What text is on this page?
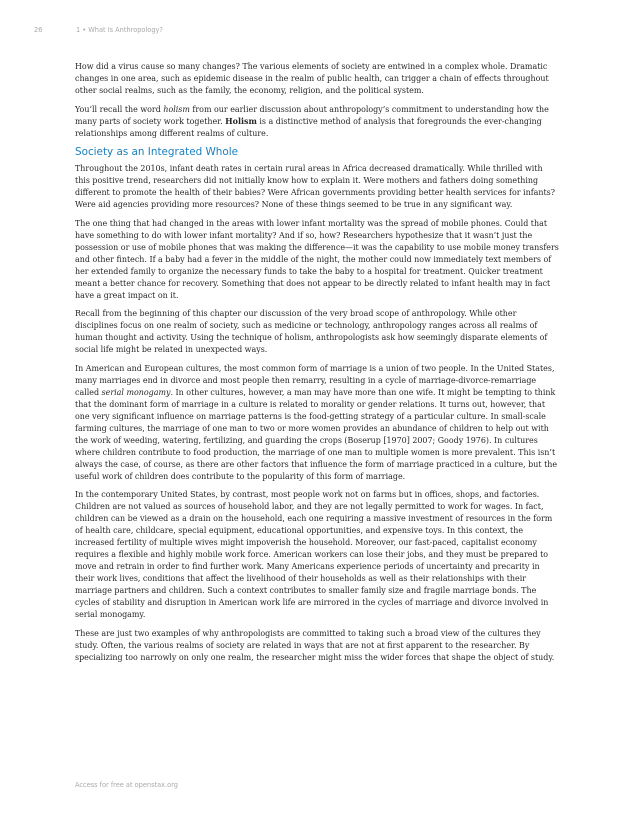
26	1 • What Is Anthropology?

How did a virus cause so many changes? The various elements of society are entwined in a complex whole. Dramatic changes in one area, such as epidemic disease in the realm of public health, can trigger a chain of effects throughout other social realms, such as the family, the economy, religion, and the political system.

You’ll recall the word holism from our earlier discussion about anthropology’s commitment to understanding how the many parts of society work together. Holism is a distinctive method of analysis that foregrounds the ever-changing relationships among different realms of culture.

Society as an Integrated Whole

Throughout the 2010s, infant death rates in certain rural areas in Africa decreased dramatically. While thrilled with this positive trend, researchers did not initially know how to explain it. Were mothers and fathers doing something different to promote the health of their babies? Were African governments providing better health services for infants? Were aid agencies providing more resources? None of these things seemed to be true in any significant way.

The one thing that had changed in the areas with lower infant mortality was the spread of mobile phones. Could that have something to do with lower infant mortality? And if so, how? Researchers hypothesize that it wasn’t just the possession or use of mobile phones that was making the difference—it was the capability to use mobile money transfers and other fintech. If a baby had a fever in the middle of the night, the mother could now immediately text members of her extended family to organize the necessary funds to take the baby to a hospital for treatment. Quicker treatment meant a better chance for recovery. Something that does not appear to be directly related to infant health may in fact have a great impact on it.

Recall from the beginning of this chapter our discussion of the very broad scope of anthropology. While other disciplines focus on one realm of society, such as medicine or technology, anthropology ranges across all realms of human thought and activity. Using the technique of holism, anthropologists ask how seemingly disparate elements of social life might be related in unexpected ways.

In American and European cultures, the most common form of marriage is a union of two people. In the United States, many marriages end in divorce and most people then remarry, resulting in a cycle of marriage-divorce-remarriage called serial monogamy. In other cultures, however, a man may have more than one wife. It might be tempting to think that the dominant form of marriage in a culture is related to morality or gender relations. It turns out, however, that one very significant influence on marriage patterns is the food-getting strategy of a particular culture. In small-scale farming cultures, the marriage of one man to two or more women provides an abundance of children to help out with the work of weeding, watering, fertilizing, and guarding the crops (Boserup [1970] 2007; Goody 1976). In cultures where children contribute to food production, the marriage of one man to multiple women is more prevalent. This isn’t always the case, of course, as there are other factors that influence the form of marriage practiced in a culture, but the useful work of children does contribute to the popularity of this form of marriage.

In the contemporary United States, by contrast, most people work not on farms but in offices, shops, and factories. Children are not valued as sources of household labor, and they are not legally permitted to work for wages. In fact, children can be viewed as a drain on the household, each one requiring a massive investment of resources in the form of health care, childcare, special equipment, educational opportunities, and expensive toys. In this context, the increased fertility of multiple wives might impoverish the household. Moreover, our fast-paced, capitalist economy requires a flexible and highly mobile work force. American workers can lose their jobs, and they must be prepared to move and retrain in order to find further work. Many Americans experience periods of uncertainty and precarity in their work lives, conditions that affect the livelihood of their households as well as their relationships with their marriage partners and children. Such a context contributes to smaller family size and fragile marriage bonds. The cycles of stability and disruption in American work life are mirrored in the cycles of marriage and divorce involved in serial monogamy.

These are just two examples of why anthropologists are committed to taking such a broad view of the cultures they study. Often, the various realms of society are related in ways that are not at first apparent to the researcher. By specializing too narrowly on only one realm, the researcher might miss the wider forces that shape the object of study.

Access for free at openstax.org
